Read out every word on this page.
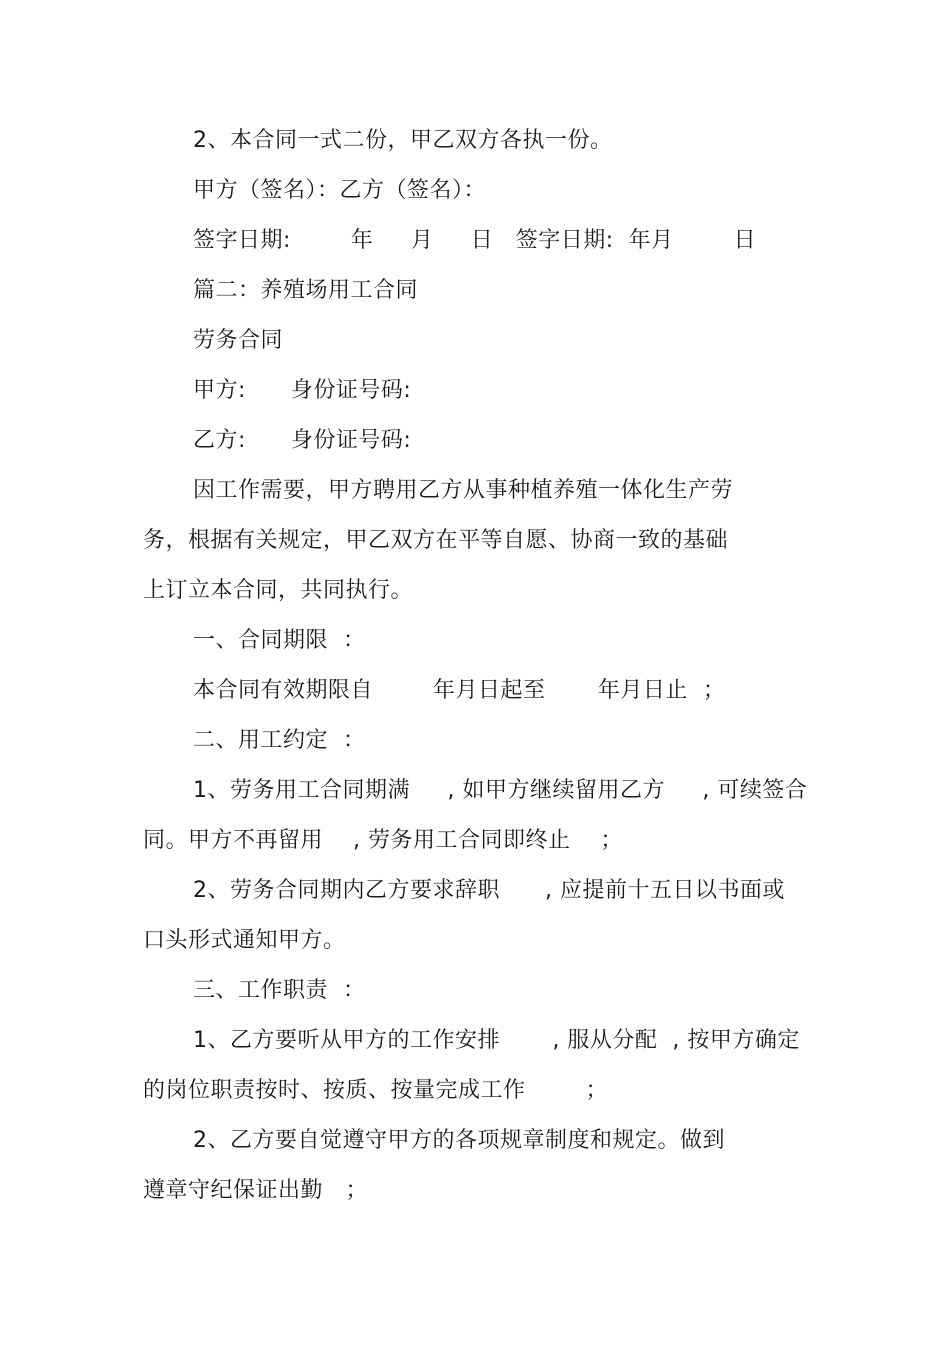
2、本合同一式二份，甲乙双方各执一份。
甲方（签名）：乙方（签名）：
签字日期:        年     月     日   签字日期:  年月        日
篇二：养殖场用工合同
劳务合同
甲方:      身份证号码:
乙方:      身份证号码:
因工作需要，甲方聘用乙方从事种植养殖一体化生产劳
务，根据有关规定，甲乙双方在平等自愿、协商一致的基础
上订立本合同，共同执行。
一、合同期限  ：
本合同有效期限自        年月日起至       年月日止  ；
二、用工约定  ：
1、劳务用工合同期满     , 如甲方继续留用乙方     , 可续签合
同。甲方不再留用    , 劳务用工合同即终止    ；
2、劳务合同期内乙方要求辞职      , 应提前十五日以书面或
口头形式通知甲方。
三、工作职责  ：
1、乙方要听从甲方的工作安排       , 服从分配  , 按甲方确定
的岗位职责按时、按质、按量完成工作        ；
2、乙方要自觉遵守甲方的各项规章制度和规定。做到
遵章守纪保证出勤   ；
